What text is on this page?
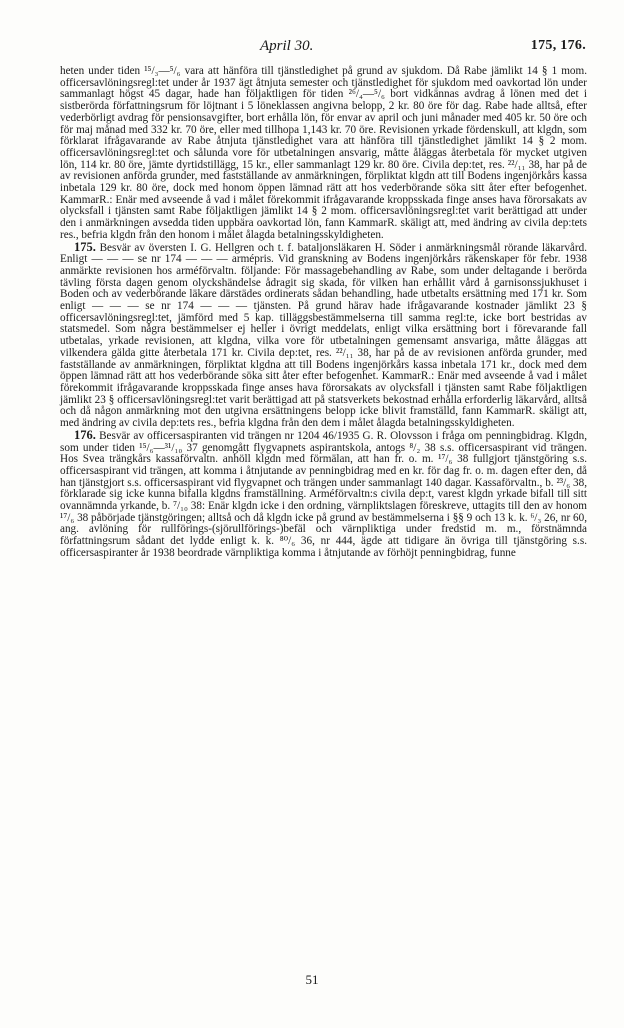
April 30.	175, 176.

heten under tiden ¹⁵/₃—⁵/₆ vara att hänföra till tjänstledighet på grund av sjukdom. Då Rabe jämlikt 14 § 1 mom. officersavlöningsregl:tet under år 1937 ägt åtnjuta semester och tjänstledighet för sjukdom med oavkortad lön under sammanlagt högst 45 dagar, hade han följaktligen för tiden ²⁶/₄—⁵/₆ bort vidkännas avdrag å lönen med det i sistberörda författningsrum för löjtnant i 5 löneklassen angivna belopp, 2 kr. 80 öre för dag. Rabe hade alltså, efter vederbörligt avdrag för pensionsavgifter, bort erhålla lön, för envar av april och juni månader med 405 kr. 50 öre och för maj månad med 332 kr. 70 öre, eller med tillhopa 1,143 kr. 70 öre. Revisionen yrkade fördenskull, att klgdn, som förklarat ifrågavarande av Rabe åtnjuta tjänstledighet vara att hänföra till tjänstledighet jämlikt 14 § 2 mom. officersavlöningsregl:tet och sålunda vore för utbetalningen ansvarig, måtte åläggas återbetala för mycket utgiven lön, 114 kr. 80 öre, jämte dyrtidstillägg, 15 kr., eller sammanlagt 129 kr. 80 öre. Civila dep:tet, res. ²²/₁₁ 38, har på de av revisionen anförda grunder, med fastställande av anmärkningen, förpliktat klgdn att till Bodens ingenjörkårs kassa inbetala 129 kr. 80 öre, dock med honom öppen lämnad rätt att hos vederbörande söka sitt åter efter befogenhet. KammarR.: Enär med avseende å vad i målet förekommit ifrågavarande kroppsskada finge anses hava förorsakats av olycksfall i tjänsten samt Rabe följaktligen jämlikt 14 § 2 mom. officersavlöningsregl:tet varit berättigad att under den i anmärkningen avsedda tiden uppbära oavkortad lön, fann KammarR. skäligt att, med ändring av civila dep:tets res., befria klgdn från den honom i målet ålagda betalningsskyldigheten.

175. Besvär av översten I. G. Hellgren och t. f. bataljonsläkaren H. Söder i anmärkningsmål rörande läkarvård. Enligt — — — se nr 174 — — — armépris. Vid granskning av Bodens ingenjörkårs räkenskaper för febr. 1938 anmärkte revisionen hos arméförvaltn. följande: För massagebehandling av Rabe, som under deltagande i berörda tävling första dagen genom olyckshändelse ådragit sig skada, för vilken han erhållit vård å garnisonssjukhuset i Boden och av vederbörande läkare därstädes ordinerats sådan behandling, hade utbetalts ersättning med 171 kr. Som enligt — — — se nr 174 — — — tjänsten. På grund härav hade ifrågavarande kostnader jämlikt 23 § officersavlöningsregl:tet, jämförd med 5 kap. tilläggsbestämmelserna till samma regl:te, icke bort bestridas av statsmedel. Som några bestämmelser ej heller i övrigt meddelats, enligt vilka ersättning bort i förevarande fall utbetalas, yrkade revisionen, att klgdna, vilka vore för utbetalningen gemensamt ansvariga, måtte åläggas att vilkendera gälda gitte återbetala 171 kr. Civila dep:tet, res. ²²/₁₁ 38, har på de av revisionen anförda grunder, med fastställande av anmärkningen, förpliktat klgdna att till Bodens ingenjörkårs kassa inbetala 171 kr., dock med dem öppen lämnad rätt att hos vederbörande söka sitt åter efter befogenhet. KammarR.: Enär med avseende å vad i målet förekommit ifrågavarande kroppsskada finge anses hava förorsakats av olycksfall i tjänsten samt Rabe följaktligen jämlikt 23 § officersavlöningsregl:tet varit berättigad att på statsverkets bekostnad erhålla erforderlig läkarvård, alltså och då någon anmärkning mot den utgivna ersättningens belopp icke blivit framställd, fann KammarR. skäligt att, med ändring av civila dep:tets res., befria klgdna från den dem i målet ålagda betalningsskyldigheten.

176. Besvär av officersaspiranten vid trängen nr 1204 46/1935 G. R. Olovsson i fråga om penningbidrag. Klgdn, som under tiden ¹⁵/₆—³¹/₁₀ 37 genomgått flygvapnets aspirantskola, antogs ⁸/₂ 38 s.s. officersaspirant vid trängen. Hos Svea trängkårs kassaförvaltn. anhöll klgdn med förmälan, att han fr. o. m. ¹⁷/₆ 38 fullgjort tjänstgöring s.s. officersaspirant vid trängen, att komma i åtnjutande av penningbidrag med en kr. för dag fr. o. m. dagen efter den, då han tjänstgjort s.s. officersaspirant vid flygvapnet och trängen under sammanlagt 140 dagar. Kassaförvaltn., b. ²³/₆ 38, förklarade sig icke kunna bifalla klgdns framställning. Arméförvaltn:s civila dep:t, varest klgdn yrkade bifall till sitt ovannämnda yrkande, b. ⁷/₁₀ 38: Enär klgdn icke i den ordning, värnpliktslagen föreskreve, uttagits till den av honom ¹⁷/₆ 38 påbörjade tjänstgöringen; alltså och då klgdn icke på grund av bestämmelserna i §§ 9 och 13 k. k. ⁶/₃ 26, nr 60, ang. avlöning för rullförings-(sjörullförings-)befäl och värnpliktiga under fredstid m. m., förstnämnda författningsrum sådant det lydde enligt k. k. ⁸⁰/₆ 36, nr 444, ägde att tidigare än övriga till tjänstgöring s.s. officersaspiranter år 1938 beordrade värnpliktiga komma i åtnjutande av förhöjt penningbidrag, funne

51
